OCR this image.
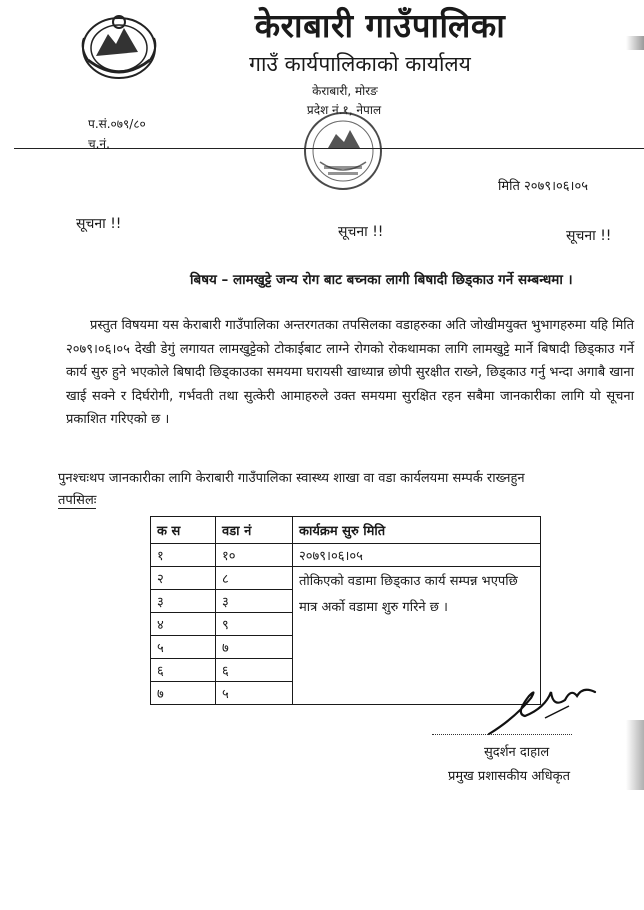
केराबारी गाउँपालिका
गाउँ कार्यपालिकाको कार्यालय
केराबारी, मोरङ
प्रदेश नं.१, नेपाल
प.सं.०७९/८०
च.नं.
मिति २०७९।०६।०५
सूचना !!	सूचना !!	सूचना !!
बिषय – लामखुट्टे जन्य रोग बाट बच्नका लागी बिषादी छिड्काउ गर्ने सम्बन्धमा ।
प्रस्तुत विषयमा यस केराबारी गाउँपालिका अन्तरगतका तपसिलका वडाहरुका अति जोखीमयुक्त भुभागहरुमा यहि मिति २०७९।०६।०५ देखी डेगुं लगायत लामखुट्टेको टोकाईबाट लाग्ने रोगको रोकथामका लागि लामखुट्टे मार्ने बिषादी छिड्काउ गर्ने कार्य सुरु हुने भएकोले बिषादी छिड्काउका समयमा घरायसी खाध्यान्न छोपी सुरक्षीत राख्ने, छिड्काउ गर्नु भन्दा अगाबै खाना खाई सक्ने र दिर्घरोगी, गर्भवती तथा सुत्केरी आमाहरुले उक्त समयमा सुरक्षित रहन सबैमा जानकारीका लागि यो सूचना प्रकाशित गरिएको छ ।
पुनश्चःथप जानकारीका लागि केराबारी गाउँपालिका स्वास्थ्य शाखा वा वडा कार्यलयमा सम्पर्क राख्नहुन
तपसिलः
क स	वडा नं	कार्यक्रम सुरु मिति
१	१०	२०७९।०६।०५
२	८	तोकिएको वडामा छिड्काउ कार्य सम्पन्न भएपछि मात्र अर्को वडामा शुरु गरिने छ ।
३	३	
४	९	
५	७	
६	६	
७	५	
सुदर्शन दाहाल
प्रमुख प्रशासकीय अधिकृत
